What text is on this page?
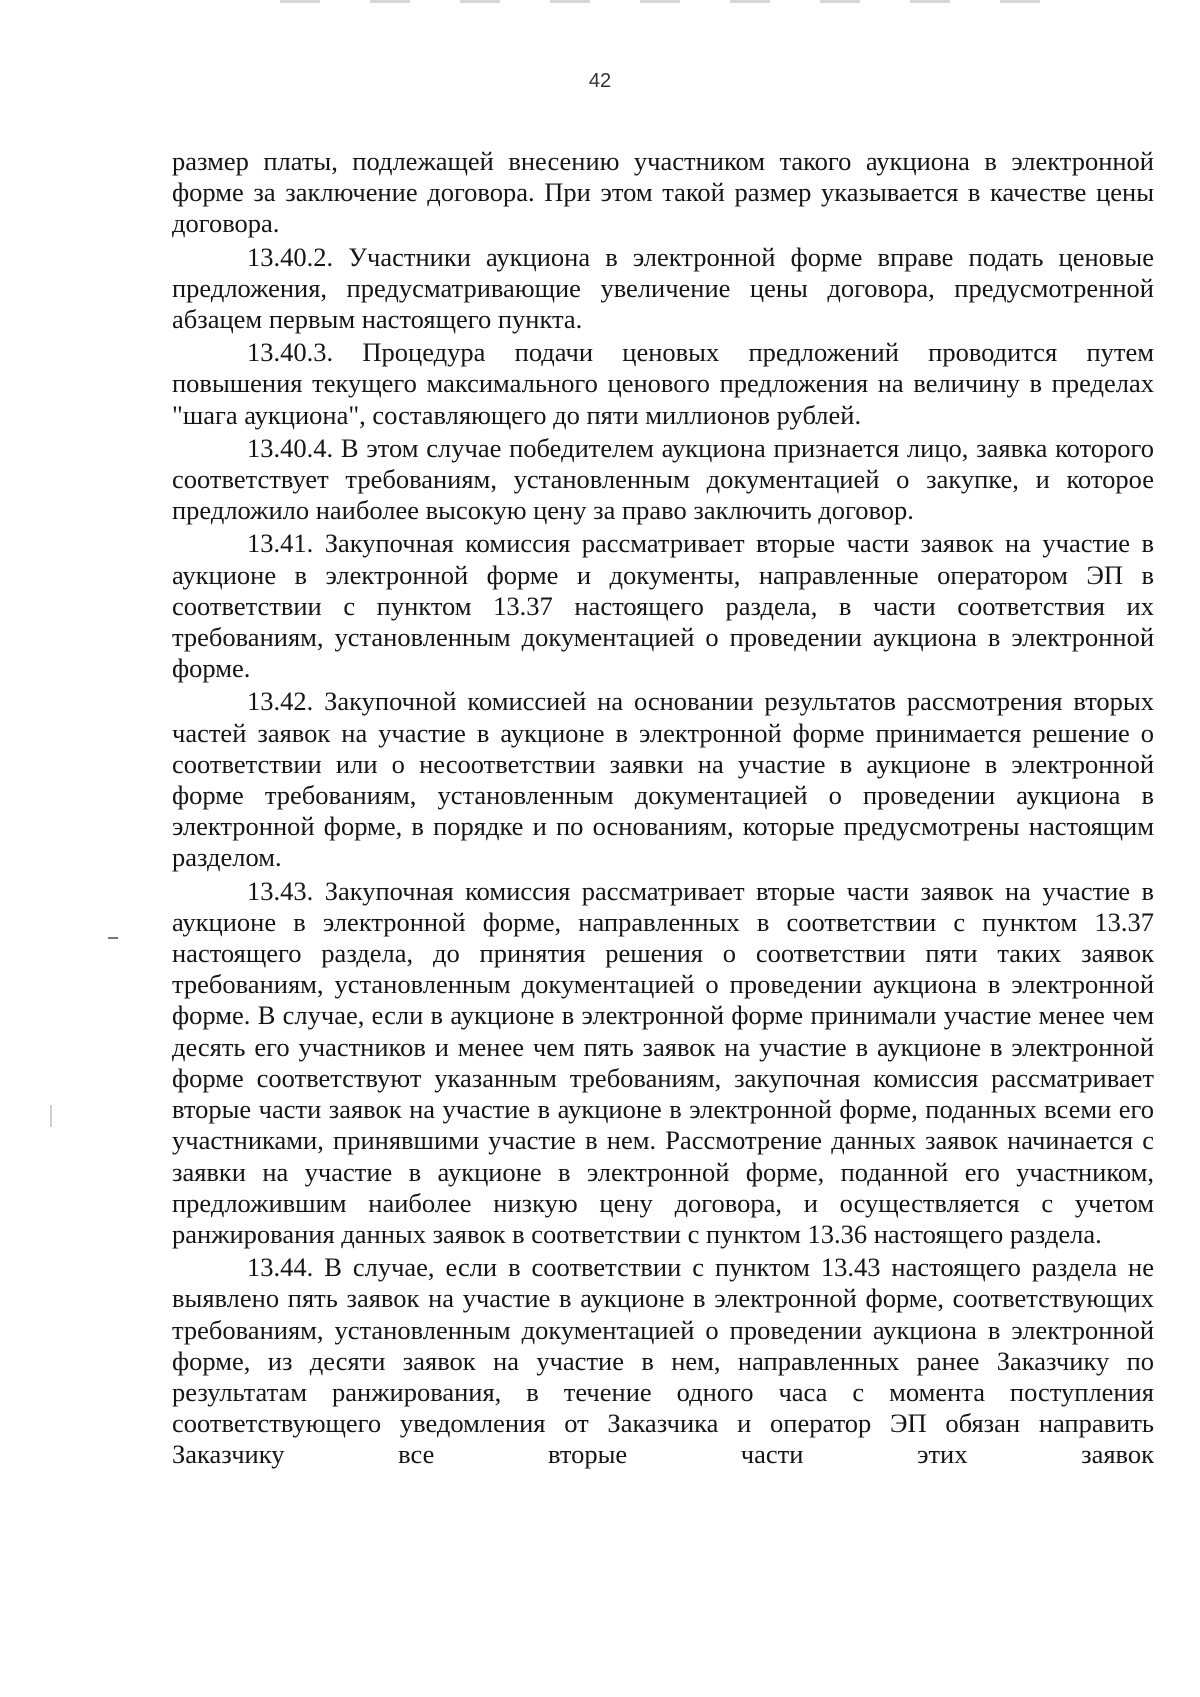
42

размер платы, подлежащей внесению участником такого аукциона в электронной форме за заключение договора. При этом такой размер указывается в качестве цены договора.

13.40.2. Участники аукциона в электронной форме вправе подать ценовые предложения, предусматривающие увеличение цены договора, предусмотренной абзацем первым настоящего пункта.

13.40.3. Процедура подачи ценовых предложений проводится путем повышения текущего максимального ценового предложения на величину в пределах "шага аукциона", составляющего до пяти миллионов рублей.

13.40.4. В этом случае победителем аукциона признается лицо, заявка которого соответствует требованиям, установленным документацией о закупке, и которое предложило наиболее высокую цену за право заключить договор.

13.41. Закупочная комиссия рассматривает вторые части заявок на участие в аукционе в электронной форме и документы, направленные оператором ЭП в соответствии с пунктом 13.37 настоящего раздела, в части соответствия их требованиям, установленным документацией о проведении аукциона в электронной форме.

13.42. Закупочной комиссией на основании результатов рассмотрения вторых частей заявок на участие в аукционе в электронной форме принимается решение о соответствии или о несоответствии заявки на участие в аукционе в электронной форме требованиям, установленным документацией о проведении аукциона в электронной форме, в порядке и по основаниям, которые предусмотрены настоящим разделом.

13.43. Закупочная комиссия рассматривает вторые части заявок на участие в аукционе в электронной форме, направленных в соответствии с пунктом 13.37 настоящего раздела, до принятия решения о соответствии пяти таких заявок требованиям, установленным документацией о проведении аукциона в электронной форме. В случае, если в аукционе в электронной форме принимали участие менее чем десять его участников и менее чем пять заявок на участие в аукционе в электронной форме соответствуют указанным требованиям, закупочная комиссия рассматривает вторые части заявок на участие в аукционе в электронной форме, поданных всеми его участниками, принявшими участие в нем. Рассмотрение данных заявок начинается с заявки на участие в аукционе в электронной форме, поданной его участником, предложившим наиболее низкую цену договора, и осуществляется с учетом ранжирования данных заявок в соответствии с пунктом 13.36 настоящего раздела.

13.44. В случае, если в соответствии с пунктом 13.43 настоящего раздела не выявлено пять заявок на участие в аукционе в электронной форме, соответствующих требованиям, установленным документацией о проведении аукциона в электронной форме, из десяти заявок на участие в нем, направленных ранее Заказчику по результатам ранжирования, в течение одного часа с момента поступления соответствующего уведомления от Заказчика и оператор ЭП обязан направить Заказчику все вторые части этих заявок
